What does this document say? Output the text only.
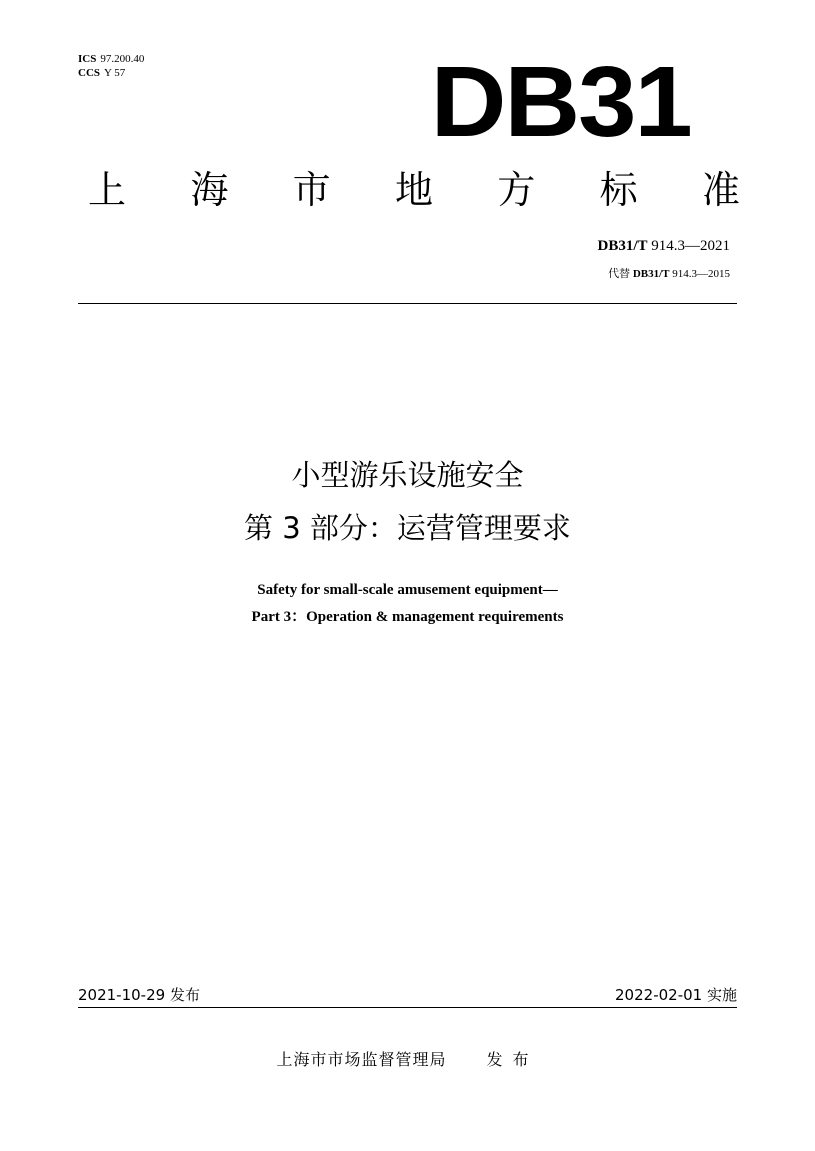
ICS 97.200.40
CCS Y 57	DB31
上 海 市 地 方 标 准
DB31/T 914.3—2021
代替 DB31/T 914.3—2015
小型游乐设施安全
第 3 部分：运营管理要求
Safety for small-scale amusement equipment—
Part 3：Operation & management requirements
2021-10-29 发布	2022-02-01 实施
上海市市场监督管理局	发布
